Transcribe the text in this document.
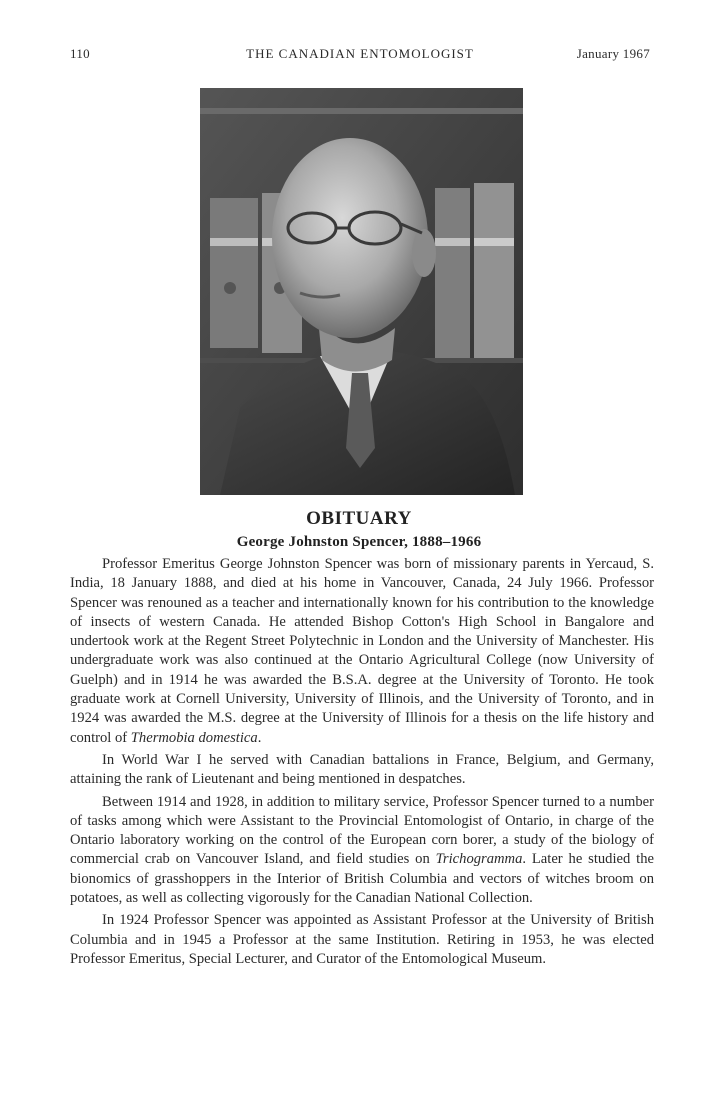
110	THE CANADIAN ENTOMOLOGIST	January 1967
OBITUARY
George Johnston Spencer, 1888–1966

Professor Emeritus George Johnston Spencer was born of missionary parents in Yercaud, S. India, 18 January 1888, and died at his home in Vancouver, Canada, 24 July 1966. Professor Spencer was renouned as a teacher and internationally known for his contribution to the knowledge of insects of western Canada. He attended Bishop Cotton's High School in Bangalore and undertook work at the Regent Street Polytechnic in London and the University of Manchester. His undergraduate work was also continued at the Ontario Agricultural College (now University of Guelph) and in 1914 he was awarded the B.S.A. degree at the University of Toronto. He took graduate work at Cornell University, University of Illinois, and the University of Toronto, and in 1924 was awarded the M.S. degree at the University of Illinois for a thesis on the life history and control of Thermobia domestica.

In World War I he served with Canadian battalions in France, Belgium, and Germany, attaining the rank of Lieutenant and being mentioned in despatches.

Between 1914 and 1928, in addition to military service, Professor Spencer turned to a number of tasks among which were Assistant to the Provincial Entomologist of Ontario, in charge of the Ontario laboratory working on the control of the European corn borer, a study of the biology of commercial crab on Vancouver Island, and field studies on Trichogramma. Later he studied the bionomics of grasshoppers in the Interior of British Columbia and vectors of witches broom on potatoes, as well as collecting vigorously for the Canadian National Collection.

In 1924 Professor Spencer was appointed as Assistant Professor at the University of British Columbia and in 1945 a Professor at the same Institution. Retiring in 1953, he was elected Professor Emeritus, Special Lecturer, and Curator of the Entomological Museum.
